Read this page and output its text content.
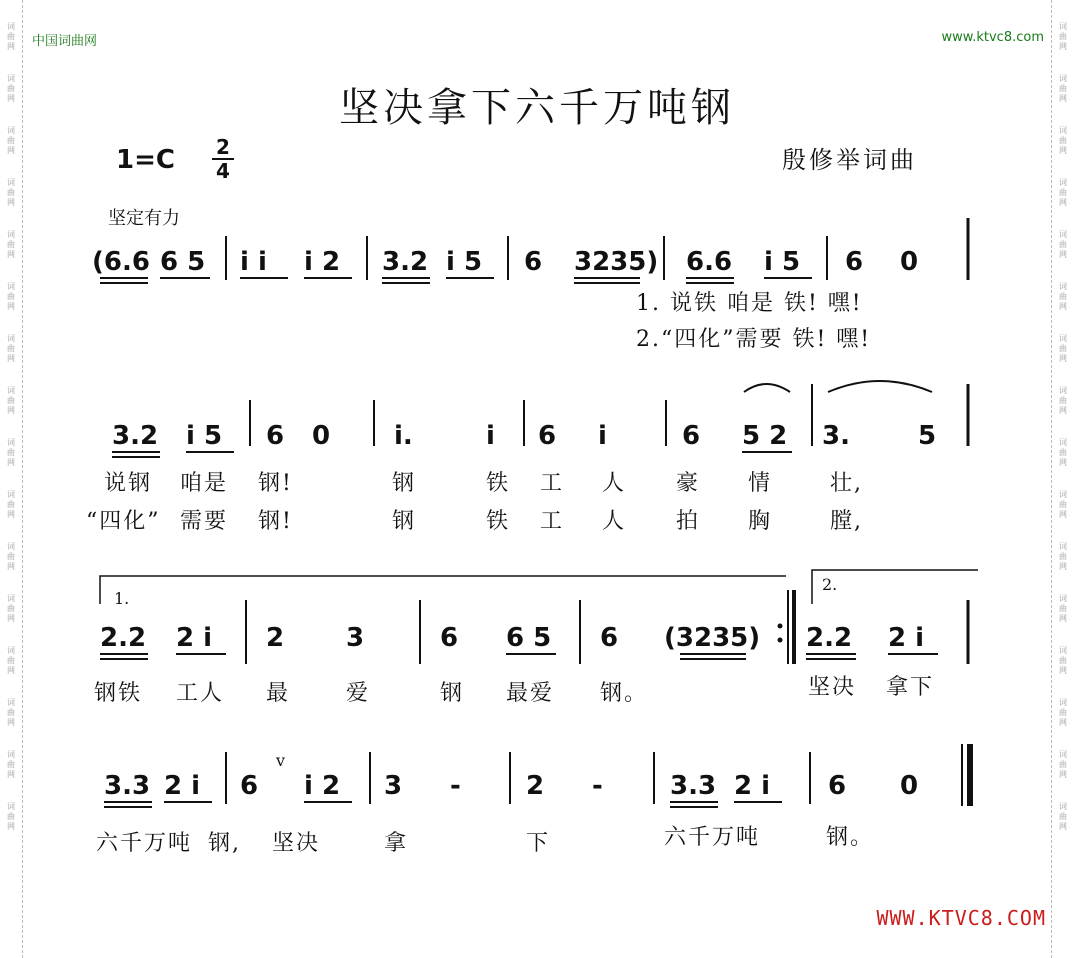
词曲网
词曲网
词曲网
词曲网
词曲网
词曲网
词曲网
词曲网
词曲网
词曲网
词曲网
词曲网
词曲网
词曲网
词曲网
词曲网
词曲网
词曲网
词曲网
词曲网
词曲网
词曲网
词曲网
词曲网
词曲网
词曲网
词曲网
词曲网
词曲网
词曲网
词曲网
词曲网
中国词曲网	www.ktvc8.com
坚决拿下六千万吨钢
1=C 2
4	殷修举词曲
坚定有力
(6.6 6 5 i i i 2 3.2 i 5 6 3235) 6.6 i 5 6 0
1. 说铁 咱是 铁! 嘿!
2.“四化”需要 铁! 嘿!
3.2 i 5 6 0 i.	i 6 i	6 5 2 3.	5
说钢 咱是 钢!	钢	铁 工 人 豪 情	壮,
“四化” 需要 钢!	钢	铁 工 人 拍 胸	膛,
1.
2.
2.2 2 i 2 3	6 6 5 6 (3235) 2.2 2 i
钢铁 工人 最	爱	钢 最爱 钢。	坚决 拿下
3.3 2 i 6 i 2 3 -	2 -	3.3 2 i 6 0
v
六千万吨 钢, 坚决	拿	下	六千万吨	钢。
WWW.KTVC8.COM
